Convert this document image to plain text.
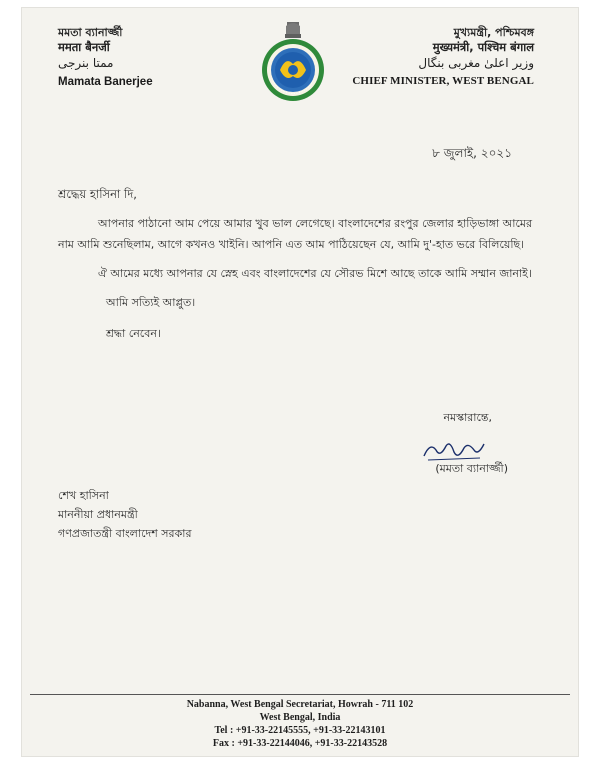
মমতা ব্যানার্জ্জী
ममता बैनर्जी
ممتا بنرجی
Mamata Banerjee
মুখ্যমন্ত্রী, পশ্চিমবঙ্গ
मुख्यमंत्री, पश्चिम बंगाल
وزیر اعلیٰ مغربی بنگال
CHIEF MINISTER, WEST BENGAL
৮ জুলাই, ২০২১
শ্রদ্ধেয় হাসিনা দি,

আপনার পাঠানো আম পেয়ে আমার খুব ভাল লেগেছে। বাংলাদেশের রংপুর জেলার হাড়িভাঙ্গা আমের নাম আমি শুনেছিলাম, আগে কখনও খাইনি। আপনি এত আম পাঠিয়েছেন যে, আমি দু'-হাত ভরে বিলিয়েছি।

ঐ আমের মধ্যে আপনার যে স্নেহ এবং বাংলাদেশের যে সৌরভ মিশে আছে তাকে আমি সম্মান জানাই।

আমি সত্যিই আপ্লুত।

শ্রদ্ধা নেবেন।

নমস্কারান্তে,
(মমতা ব্যানার্জ্জী)
শেখ হাসিনা
মাননীয়া প্রধানমন্ত্রী
গণপ্রজাতন্ত্রী বাংলাদেশ সরকার
Nabanna, West Bengal Secretariat, Howrah - 711 102
West Bengal, India
Tel : +91-33-22145555, +91-33-22143101
Fax : +91-33-22144046, +91-33-22143528
